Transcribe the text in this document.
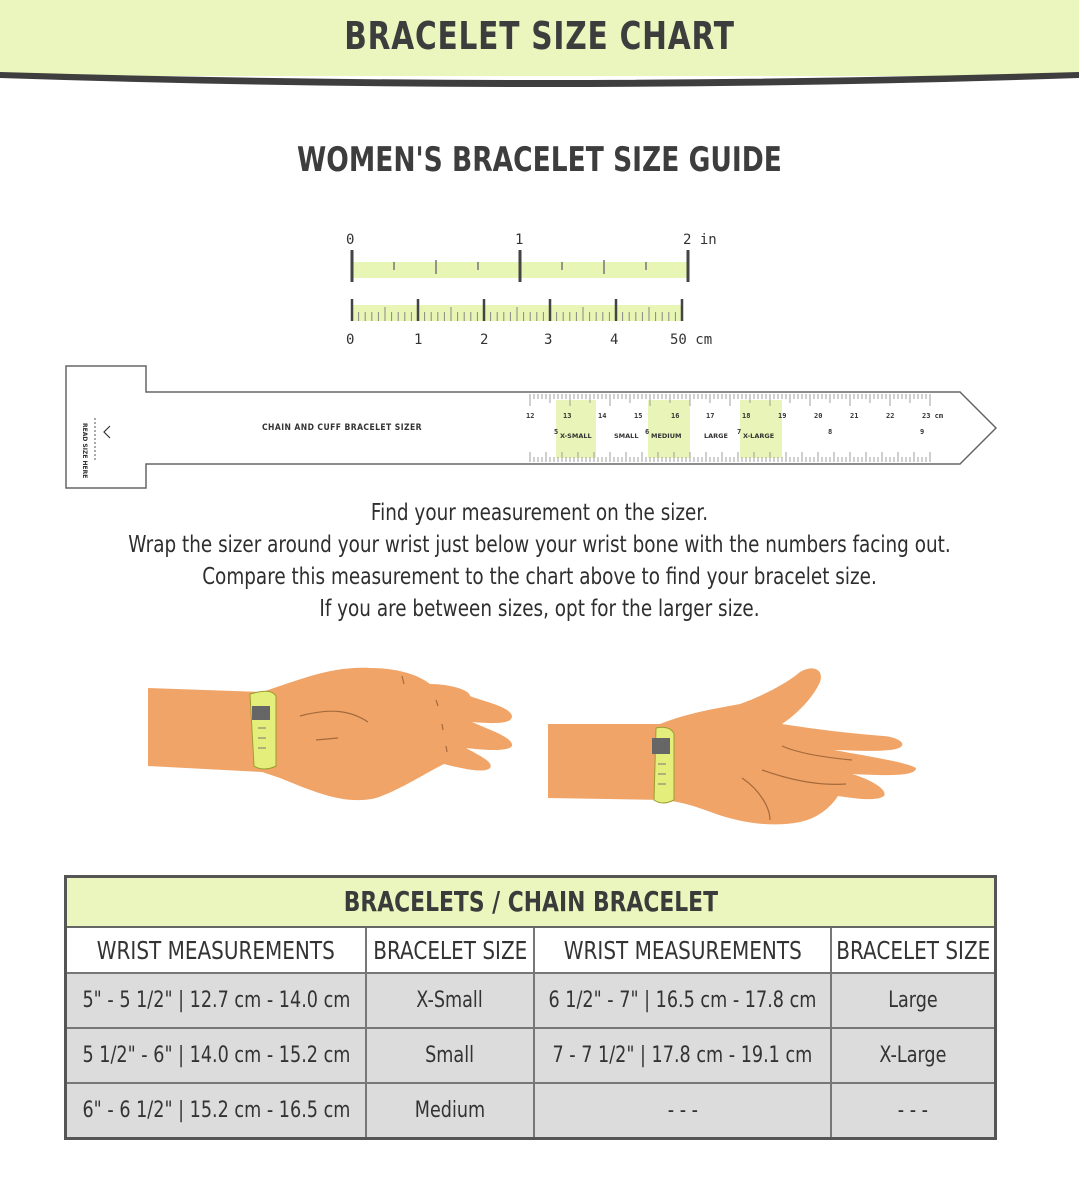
BRACELET SIZE CHART
WOMEN'S BRACELET SIZE GUIDE
0	1	2 in
0	1	2	3	4	50 cm
READ SIZE HERE	CHAIN AND CUFF BRACELET SIZER
12	13	14	15	16	17	18	19	20	21	22	23 cm
5	6	7	8	9
X-SMALL	SMALL MEDIUM	LARGE X-LARGE
Find your measurement on the sizer.
Wrap the sizer around your wrist just below your wrist bone with the numbers facing out.
Compare this measurement to the chart above to find your bracelet size.
If you are between sizes, opt for the larger size.
BRACELETS / CHAIN BRACELET
WRIST MEASUREMENTS BRACELET SIZE WRIST MEASUREMENTS BRACELET SIZE
5" - 5 1/2" | 12.7 cm - 14.0 cm	X-Small	6 1/2" - 7" | 16.5 cm - 17.8 cm	Large
5 1/2" - 6" | 14.0 cm - 15.2 cm	Small	7 - 7 1/2" | 17.8 cm - 19.1 cm	X-Large
6" - 6 1/2" | 15.2 cm - 16.5 cm	Medium	- - -	- - -
